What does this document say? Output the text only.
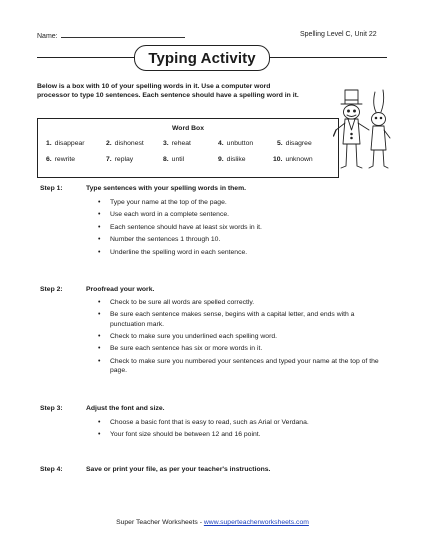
Name:	Spelling Level C, Unit 22
Typing Activity
Below is a box with 10 of your spelling words in it. Use a computer word processor to type 10 sentences. Each sentence should have a spelling word in it.
Word Box
1. disappear	2. dishonest	3. reheat	4. unbutton	5. disagree
6. rewrite	7. replay	8. until	9. dislike	10. unknown
Step 1:	Type sentences with your spelling words in them.
• Type your name at the top of the page.
• Use each word in a complete sentence.
• Each sentence should have at least six words in it.
• Number the sentences 1 through 10.
• Underline the spelling word in each sentence.
Step 2:	Proofread your work.
• Check to be sure all words are spelled correctly.
• Be sure each sentence makes sense, begins with a capital letter, and ends with a punctuation mark.
• Check to make sure you underlined each spelling word.
• Be sure each sentence has six or more words in it.
• Check to make sure you numbered your sentences and typed your name at the top of the page.
Step 3:	Adjust the font and size.
• Choose a basic font that is easy to read, such as Arial or Verdana.
• Your font size should be between 12 and 16 point.
Step 4:	Save or print your file, as per your teacher's instructions.
Super Teacher Worksheets - www.superteacherworksheets.com
